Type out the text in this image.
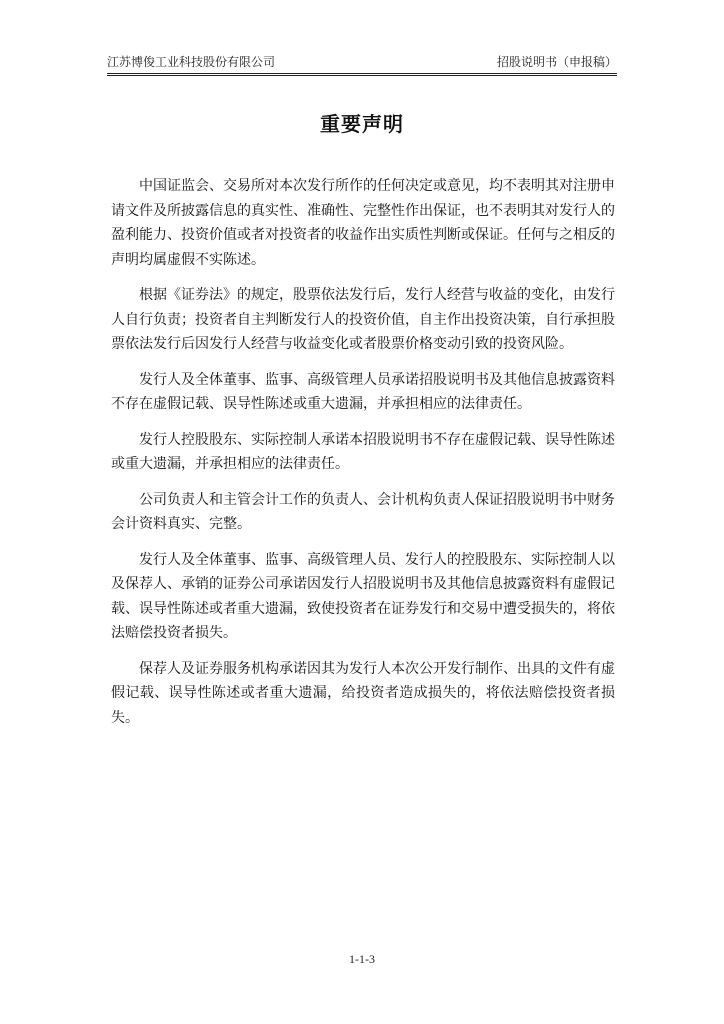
江苏博俊工业科技股份有限公司	招股说明书（申报稿）
重要声明

中国证监会、交易所对本次发行所作的任何决定或意见，均不表明其对注册申请文件及所披露信息的真实性、准确性、完整性作出保证，也不表明其对发行人的盈利能力、投资价值或者对投资者的收益作出实质性判断或保证。任何与之相反的声明均属虚假不实陈述。

根据《证券法》的规定，股票依法发行后，发行人经营与收益的变化，由发行人自行负责；投资者自主判断发行人的投资价值，自主作出投资决策，自行承担股票依法发行后因发行人经营与收益变化或者股票价格变动引致的投资风险。

发行人及全体董事、监事、高级管理人员承诺招股说明书及其他信息披露资料不存在虚假记载、误导性陈述或重大遗漏，并承担相应的法律责任。

发行人控股股东、实际控制人承诺本招股说明书不存在虚假记载、误导性陈述或重大遗漏，并承担相应的法律责任。

公司负责人和主管会计工作的负责人、会计机构负责人保证招股说明书中财务会计资料真实、完整。

发行人及全体董事、监事、高级管理人员、发行人的控股股东、实际控制人以及保荐人、承销的证券公司承诺因发行人招股说明书及其他信息披露资料有虚假记载、误导性陈述或者重大遗漏，致使投资者在证券发行和交易中遭受损失的，将依法赔偿投资者损失。

保荐人及证券服务机构承诺因其为发行人本次公开发行制作、出具的文件有虚假记载、误导性陈述或者重大遗漏，给投资者造成损失的，将依法赔偿投资者损失。

1-1-3
